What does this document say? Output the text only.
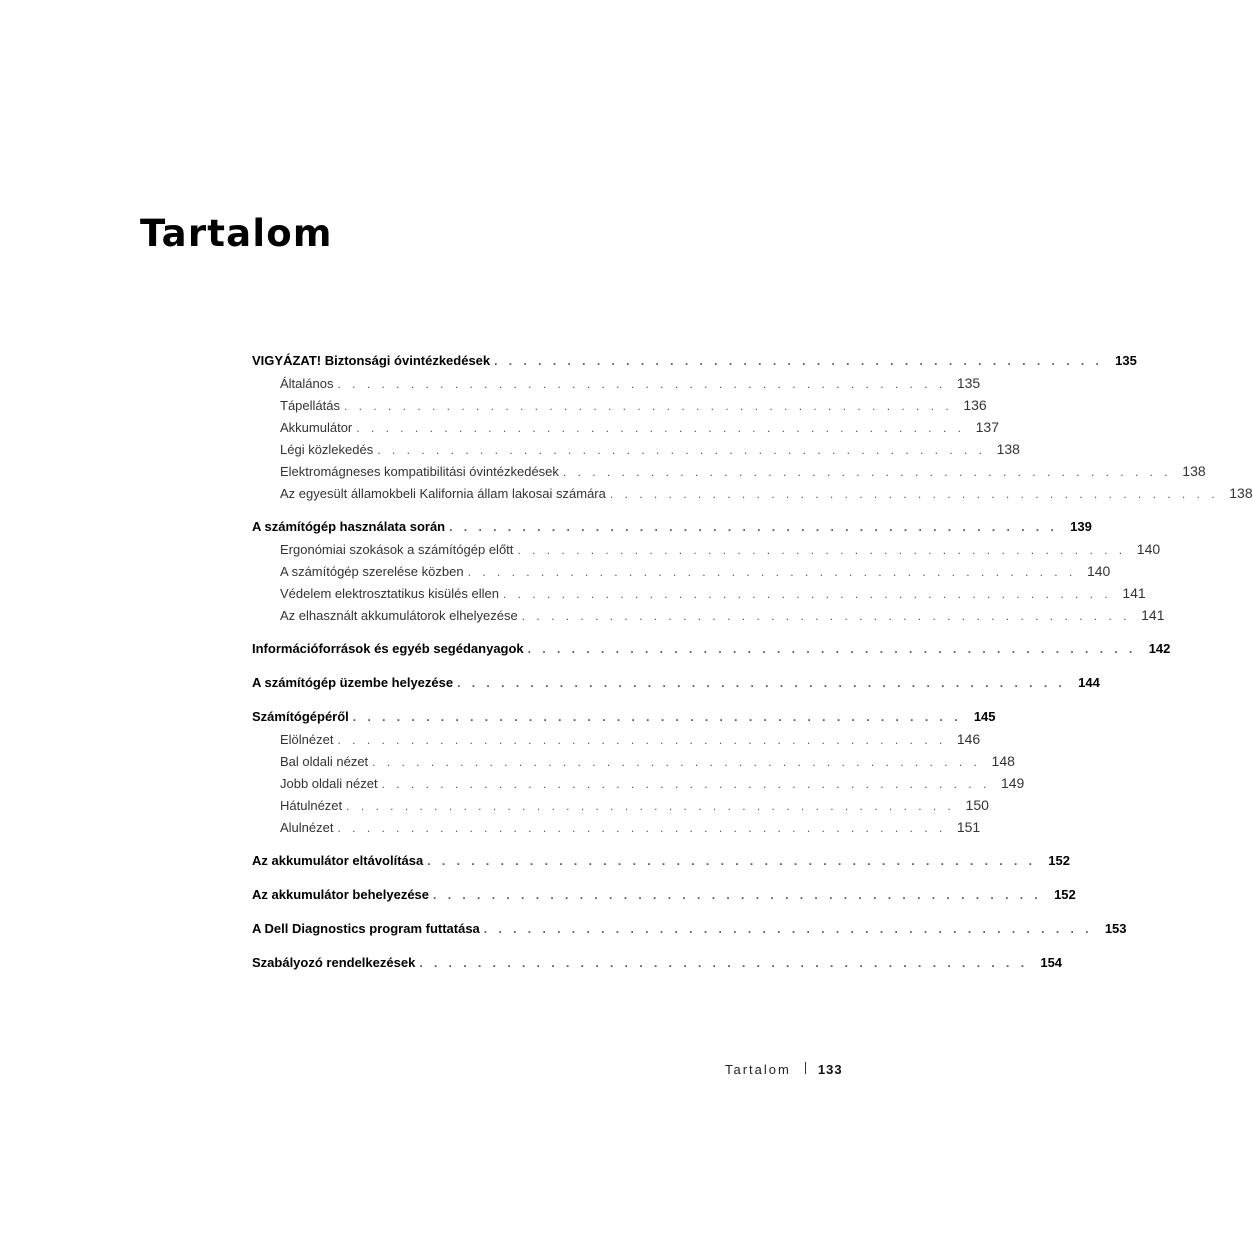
Tartalom
VIGYÁZAT! Biztonsági óvintézkedések . . . . . . . . . . . . . . . . . . . . . . . . . . . . . . . . . . . . . . . . . . 135
Általános . . . . . . . . . . . . . . . . . . . . . . . . . . . . . . . . . . . . . . . . . . 135
Tápellátás . . . . . . . . . . . . . . . . . . . . . . . . . . . . . . . . . . . . . . . . . . 136
Akkumulátor . . . . . . . . . . . . . . . . . . . . . . . . . . . . . . . . . . . . . . . . . . 137
Légi közlekedés . . . . . . . . . . . . . . . . . . . . . . . . . . . . . . . . . . . . . . . . . . 138
Elektromágneses kompatibilitási óvintézkedések . . . . . . . . . . . . . . . . . . . . . . . . . . . . . . . . . . . . . . . . . . 138
Az egyesült államokbeli Kalifornia állam lakosai számára . . . . . . . . . . . . . . . . . . . . . . . . . . . . . . . . . . . . . . . . . . 138
A számítógép használata során . . . . . . . . . . . . . . . . . . . . . . . . . . . . . . . . . . . . . . . . . . 139
Ergonómiai szokások a számítógép előtt . . . . . . . . . . . . . . . . . . . . . . . . . . . . . . . . . . . . . . . . . . 140
A számítógép szerelése közben . . . . . . . . . . . . . . . . . . . . . . . . . . . . . . . . . . . . . . . . . . 140
Védelem elektrosztatikus kisülés ellen . . . . . . . . . . . . . . . . . . . . . . . . . . . . . . . . . . . . . . . . . . 141
Az elhasznált akkumulátorok elhelyezése . . . . . . . . . . . . . . . . . . . . . . . . . . . . . . . . . . . . . . . . . . 141
Információforrások és egyéb segédanyagok . . . . . . . . . . . . . . . . . . . . . . . . . . . . . . . . . . . . . . . . . . 142
A számítógép üzembe helyezése . . . . . . . . . . . . . . . . . . . . . . . . . . . . . . . . . . . . . . . . . . 144
Számítógépéről . . . . . . . . . . . . . . . . . . . . . . . . . . . . . . . . . . . . . . . . . . 145
Elölnézet . . . . . . . . . . . . . . . . . . . . . . . . . . . . . . . . . . . . . . . . . . 146
Bal oldali nézet . . . . . . . . . . . . . . . . . . . . . . . . . . . . . . . . . . . . . . . . . . 148
Jobb oldali nézet . . . . . . . . . . . . . . . . . . . . . . . . . . . . . . . . . . . . . . . . . . 149
Hátulnézet . . . . . . . . . . . . . . . . . . . . . . . . . . . . . . . . . . . . . . . . . . 150
Alulnézet . . . . . . . . . . . . . . . . . . . . . . . . . . . . . . . . . . . . . . . . . . 151
Az akkumulátor eltávolítása . . . . . . . . . . . . . . . . . . . . . . . . . . . . . . . . . . . . . . . . . . 152
Az akkumulátor behelyezése . . . . . . . . . . . . . . . . . . . . . . . . . . . . . . . . . . . . . . . . . . 152
A Dell Diagnostics program futtatása . . . . . . . . . . . . . . . . . . . . . . . . . . . . . . . . . . . . . . . . . . 153
Szabályozó rendelkezések . . . . . . . . . . . . . . . . . . . . . . . . . . . . . . . . . . . . . . . . . . 154
Tartalom 133
